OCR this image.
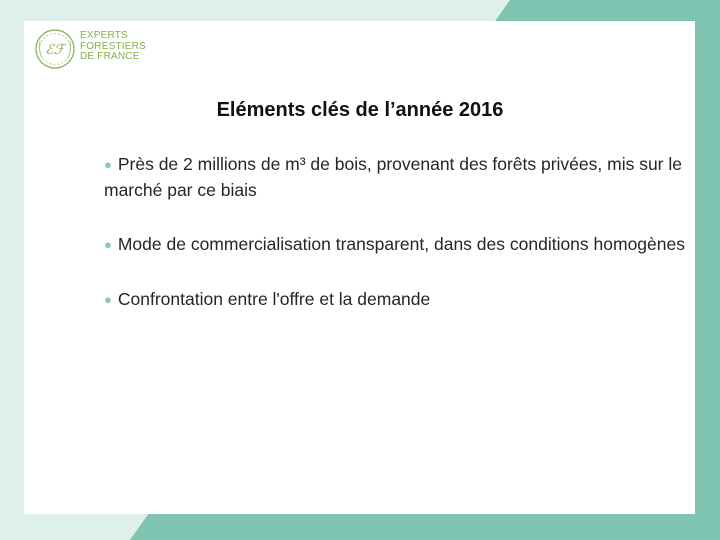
ℰℱ
EXPERTS
FORESTIERS
DE FRANCE
Eléments clés de l’année 2016
● Près de 2 millions de m³ de bois, provenant des forêts privées, mis sur le marché par ce biais
● Mode de commercialisation transparent, dans des conditions homogènes
● Confrontation entre l'offre et la demande
